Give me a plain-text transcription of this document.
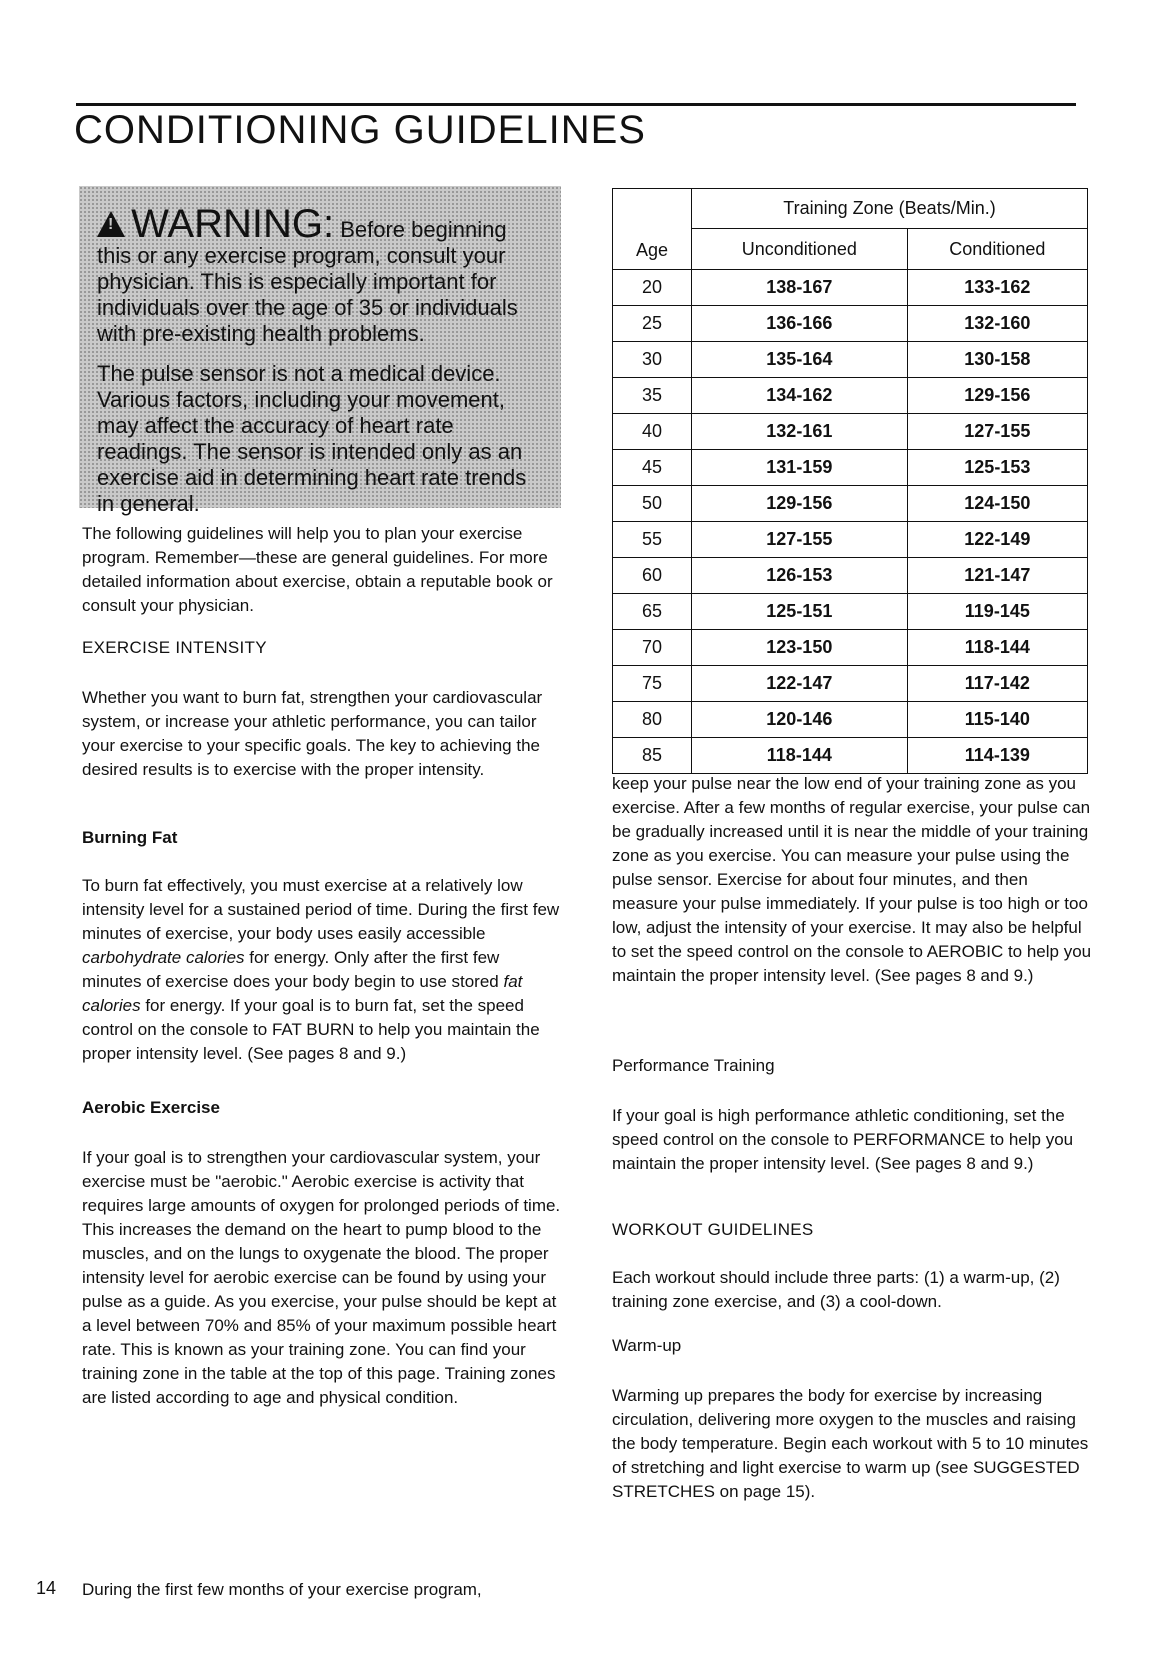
CONDITIONING GUIDELINES

! WARNING: Before beginning this or any exercise program, consult your physician. This is especially important for individuals over the age of 35 or individuals with pre-existing health problems.

The pulse sensor is not a medical device. Various factors, including your movement, may affect the accuracy of heart rate readings. The sensor is intended only as an exercise aid in determining heart rate trends in general.

The following guidelines will help you to plan your exercise program. Remember—these are general guidelines. For more detailed information about exercise, obtain a reputable book or consult your physician.

EXERCISE INTENSITY

Whether you want to burn fat, strengthen your cardiovascular system, or increase your athletic performance, you can tailor your exercise to your specific goals. The key to achieving the desired results is to exercise with the proper intensity.

Burning Fat

To burn fat effectively, you must exercise at a relatively low intensity level for a sustained period of time. During the first few minutes of exercise, your body uses easily accessible carbohydrate calories for energy. Only after the first few minutes of exercise does your body begin to use stored fat calories for energy. If your goal is to burn fat, set the speed control on the console to FAT BURN to help you maintain the proper intensity level. (See pages 8 and 9.)

Aerobic Exercise

If your goal is to strengthen your cardiovascular system, your exercise must be "aerobic." Aerobic exercise is activity that requires large amounts of oxygen for prolonged periods of time. This increases the demand on the heart to pump blood to the muscles, and on the lungs to oxygenate the blood. The proper intensity level for aerobic exercise can be found by using your pulse as a guide. As you exercise, your pulse should be kept at a level between 70% and 85% of your maximum possible heart rate. This is known as your training zone. You can find your training zone in the table at the top of this page. Training zones are listed according to age and physical condition.

During the first few months of your exercise program,
Age	Training Zone (Beats/Min.)	
	Unconditioned	Conditioned
20	138-167	133-162
25	136-166	132-160
30	135-164	130-158
35	134-162	129-156
40	132-161	127-155
45	131-159	125-153
50	129-156	124-150
55	127-155	122-149
60	126-153	121-147
65	125-151	119-145
70	123-150	118-144
75	122-147	117-142
80	120-146	115-140
85	118-144	114-139

keep your pulse near the low end of your training zone as you exercise. After a few months of regular exercise, your pulse can be gradually increased until it is near the middle of your training zone as you exercise. You can measure your pulse using the pulse sensor. Exercise for about four minutes, and then measure your pulse immediately. If your pulse is too high or too low, adjust the intensity of your exercise. It may also be helpful to set the speed control on the console to AEROBIC to help you maintain the proper intensity level. (See pages 8 and 9.)

Performance Training

If your goal is high performance athletic conditioning, set the speed control on the console to PERFORMANCE to help you maintain the proper intensity level. (See pages 8 and 9.)

WORKOUT GUIDELINES

Each workout should include three parts: (1) a warm-up, (2) training zone exercise, and (3) a cool-down.

Warm-up

Warming up prepares the body for exercise by increasing circulation, delivering more oxygen to the muscles and raising the body temperature. Begin each workout with 5 to 10 minutes of stretching and light exercise to warm up (see SUGGESTED STRETCHES on page 15).

14
